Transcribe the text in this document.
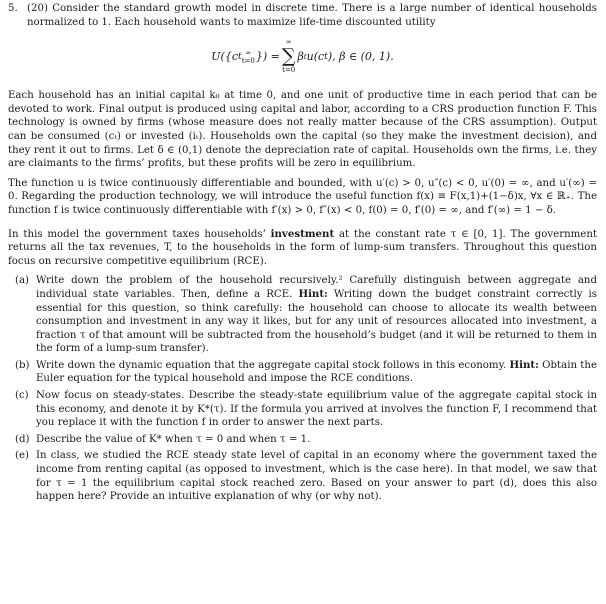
5. (20) Consider the standard growth model in discrete time. There is a large number of identical households normalized to 1. Each household wants to maximize life-time discounted utility

U({c t ∞
t=0 }) =
∞
∑
t=0
β t u(c t ), β ∈ (0, 1).

Each household has an initial capital k₀ at time 0, and one unit of productive time in each period that can be devoted to work. Final output is produced using capital and labor, according to a CRS production function F. This technology is owned by firms (whose measure does not really matter because of the CRS assumption). Output can be consumed (cₜ) or invested (iₜ). Households own the capital (so they make the investment decision), and they rent it out to firms. Let δ ∈ (0,1) denote the depreciation rate of capital. Households own the firms, i.e. they are claimants to the firms’ profits, but these profits will be zero in equilibrium.

The function u is twice continuously differentiable and bounded, with u′(c) > 0, u″(c) < 0, u′(0) = ∞, and u′(∞) = 0. Regarding the production technology, we will introduce the useful function f(x) ≡ F(x,1)+(1−δ)x, ∀x ∈ ℝ₊. The function f is twice continuously differentiable with f′(x) > 0, f″(x) < 0, f(0) = 0, f′(0) = ∞, and f′(∞) = 1 − δ.

In this model the government taxes households’ investment at the constant rate τ ∈ [0, 1]. The government returns all the tax revenues, T, to the households in the form of lump-sum transfers. Throughout this question focus on recursive competitive equilibrium (RCE).

(a) Write down the problem of the household recursively.² Carefully distinguish between aggregate and individual state variables. Then, define a RCE. Hint: Writing down the budget constraint correctly is essential for this question, so think carefully: the household can choose to allocate its wealth between consumption and investment in any way it likes, but for any unit of resources allocated into investment, a fraction τ of that amount will be subtracted from the household’s budget (and it will be returned to them in the form of a lump-sum transfer).

(b) Write down the dynamic equation that the aggregate capital stock follows in this economy. Hint: Obtain the Euler equation for the typical household and impose the RCE conditions.

(c) Now focus on steady-states. Describe the steady-state equilibrium value of the aggregate capital stock in this economy, and denote it by K*(τ). If the formula you arrived at involves the function F, I recommend that you replace it with the function f in order to answer the next parts.

(d) Describe the value of K* when τ = 0 and when τ = 1.

(e) In class, we studied the RCE steady state level of capital in an economy where the government taxed the income from renting capital (as opposed to investment, which is the case here). In that model, we saw that for τ = 1 the equilibrium capital stock reached zero. Based on your answer to part (d), does this also happen here? Provide an intuitive explanation of why (or why not).
